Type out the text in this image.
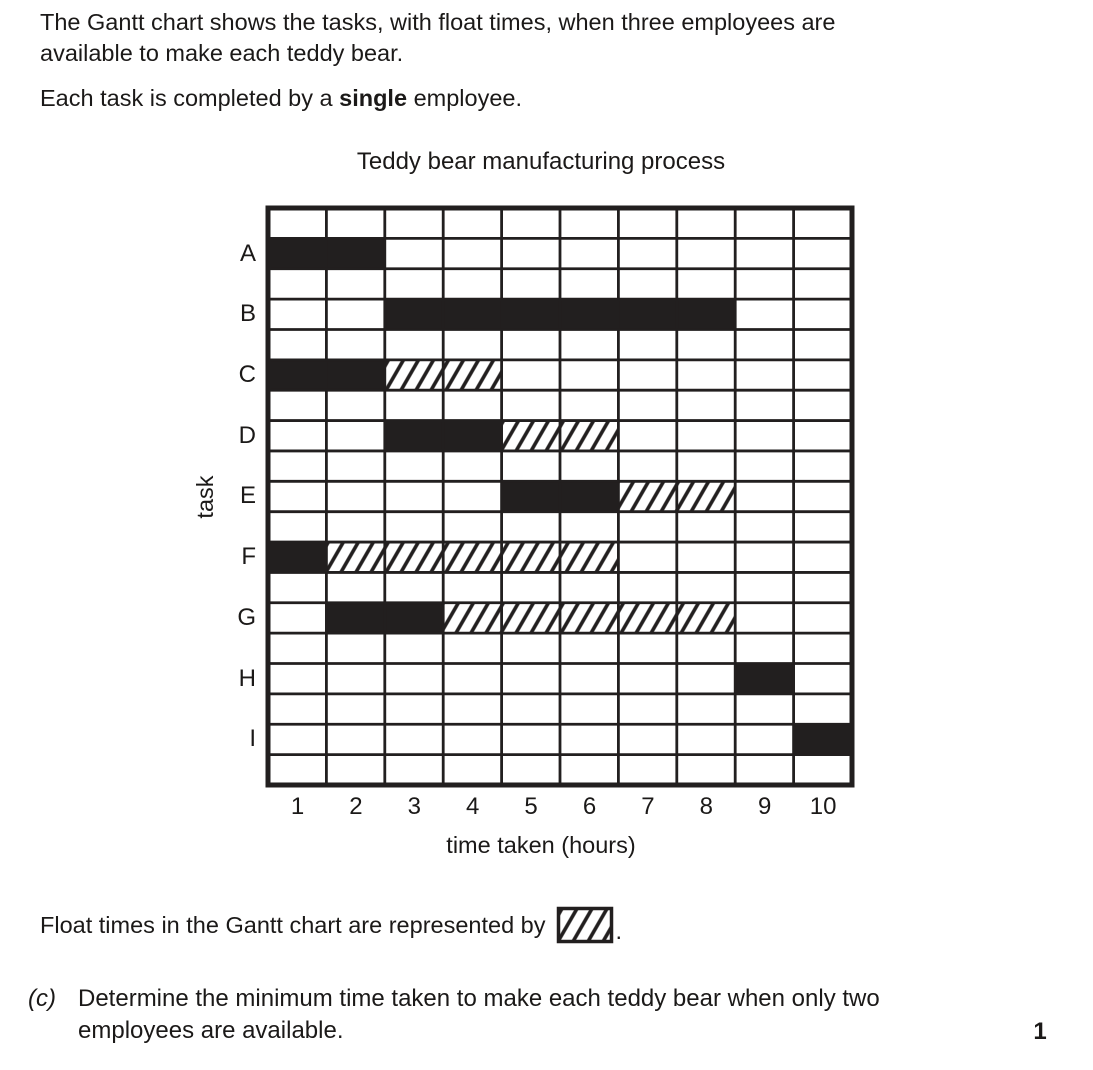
The Gantt chart shows the tasks, with float times, when three employees are
available to make each teddy bear.
Each task is completed by a single employee.
Teddy bear manufacturing process
A
B
C
D
E
F
G
H
I
1	2	3	4	5	6	7	8	9	10
time taken (hours)
task
Float times in the Gantt chart are represented by	.
(c) Determine the minimum time taken to make each teddy bear when only two
employees are available.	1
